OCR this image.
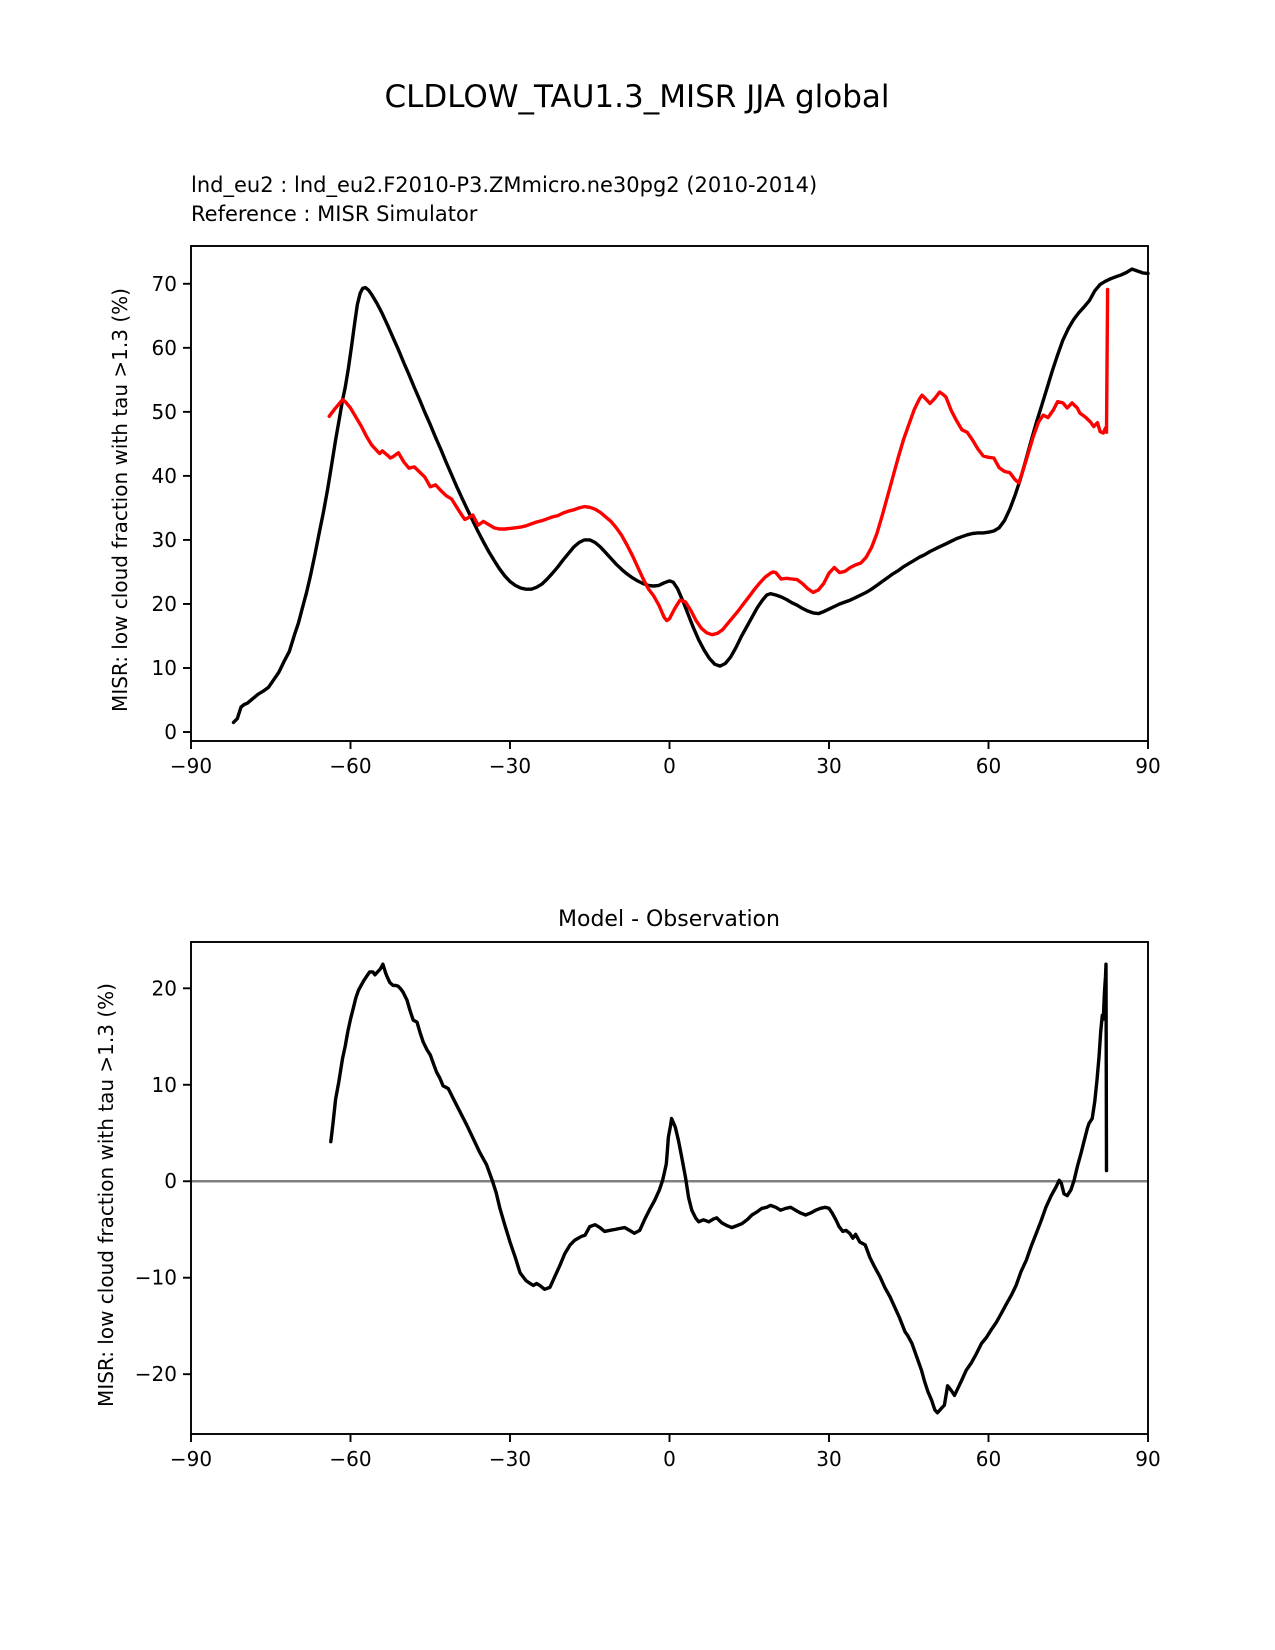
CLDLOW_TAU1.3_MISR JJA global
lnd_eu2 : lnd_eu2.F2010-P3.ZMmicro.ne30pg2 (2010-2014)
Reference : MISR Simulator
Model - Observation
MISR: low cloud fraction with tau >1.3 (%)
MISR: low cloud fraction with tau >1.3 (%)
−90	−60	−30	0	30	60	90
0
10
20
30
40
50
60
70
−90	−60	−30	0	30	60	90
−20
−10
0
10
20
